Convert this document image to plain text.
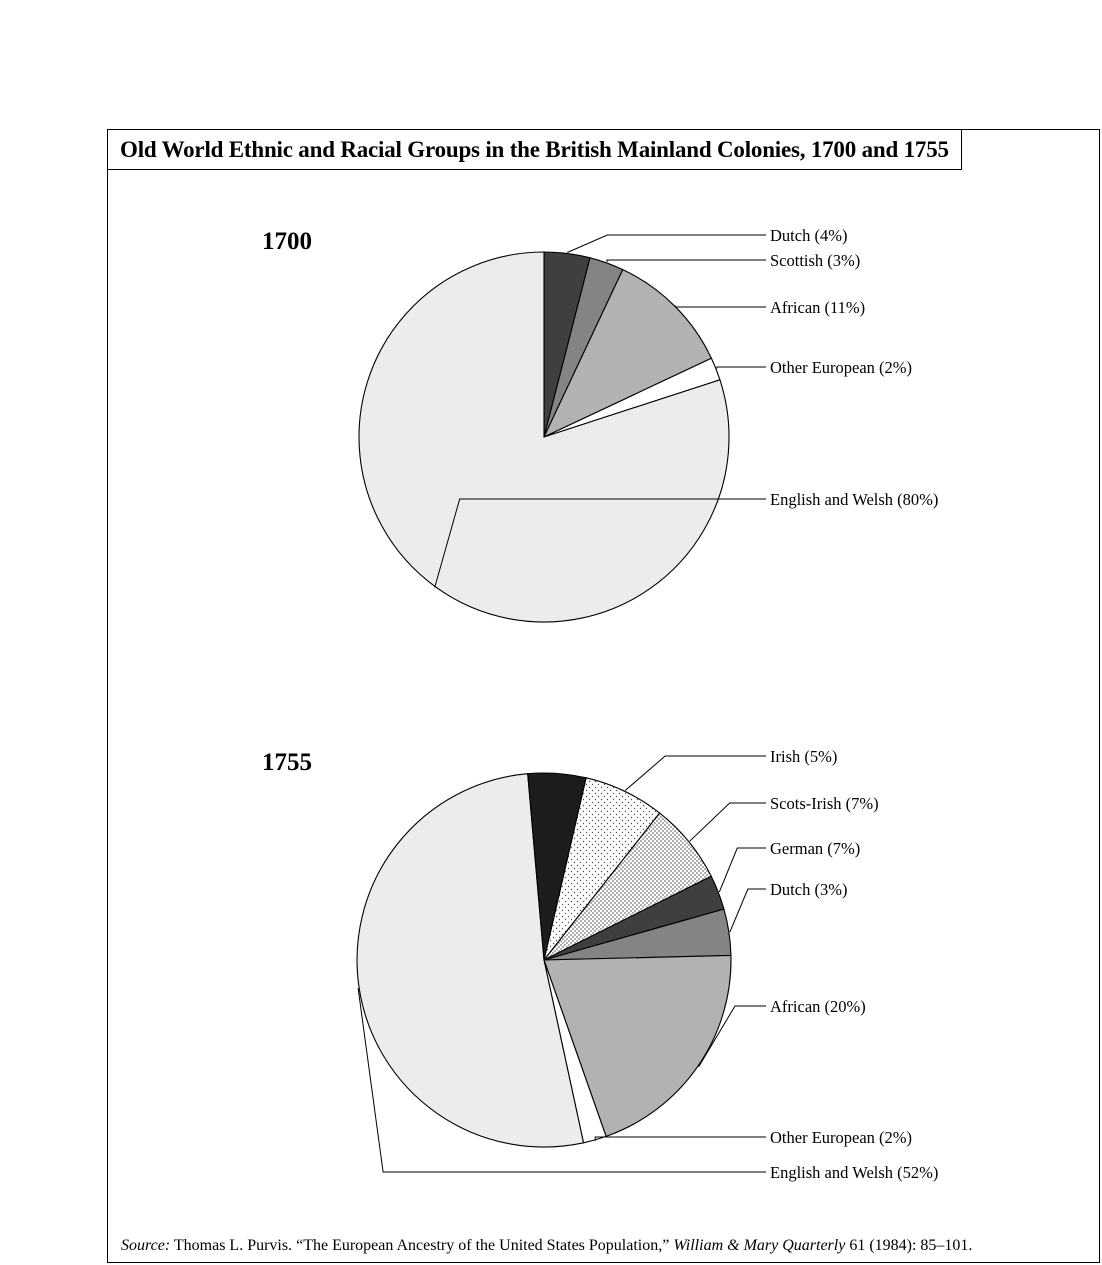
Old World Ethnic and Racial Groups in the British Mainland Colonies, 1700 and 1755
1700
1755
Dutch (4%)
Scottish (3%)
African (11%)
Other European (2%)
English and Welsh (80%)
Irish (5%)
Scots-Irish (7%)
German (7%)
Dutch (3%)
African (20%)
Other European (2%)
English and Welsh (52%)
Source: Thomas L. Purvis. “The European Ancestry of the United States Population,” William & Mary Quarterly 61 (1984): 85–101.
